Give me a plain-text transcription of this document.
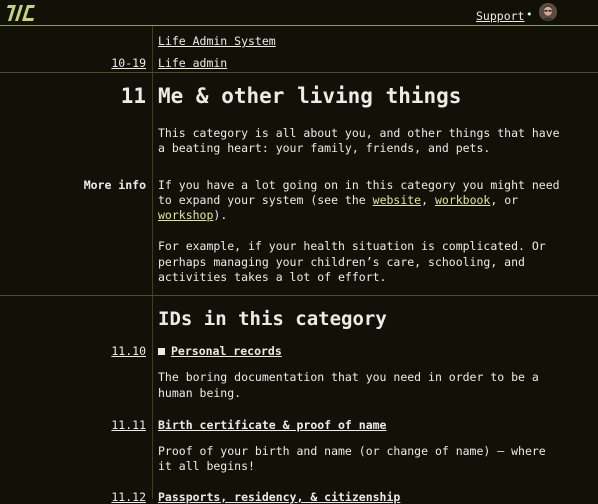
Support •
Life Admin System
10-19 Life admin
11 Me & other living things
This category is all about you, and other things that have
a beating heart: your family, friends, and pets.
More info If you have a lot going on in this category you might need
to expand your system (see the website, workbook, or
workshop).
For example, if your health situation is complicated. Or
perhaps managing your children’s care, schooling, and
activities takes a lot of effort.
IDs in this category
11.10	Personal records
The boring documentation that you need in order to be a
human being.
11.11 Birth certificate & proof of name
Proof of your birth and name (or change of name) – where
it all begins!
11.12 Passports, residency, & citizenship
